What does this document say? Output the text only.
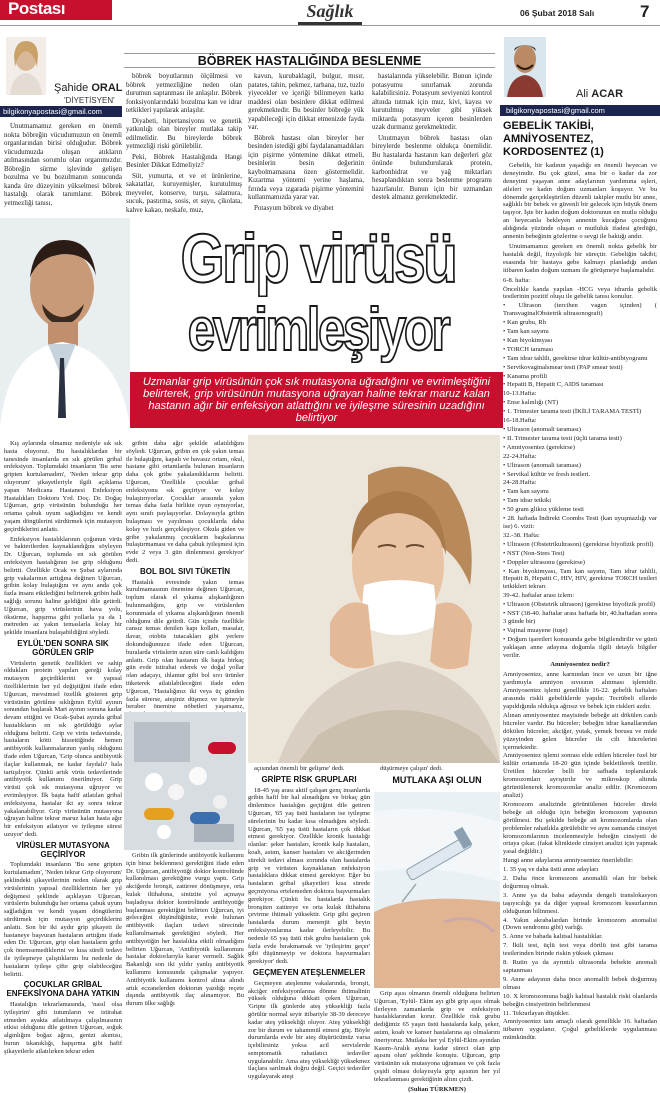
Postası	Sağlık	06 Şubat 2018 Salı	7
Şahide ORAL
'DİYETİSYEN'
bilgikonyapostasi@gmail.com
BÖBREK HASTALIĞINDA BESLENME

Unutmamamız gereken en önemli nokta böbreğin vücudumuzun en önemli organlarından birisi olduğudur. Böbrek vücudumuzda oluşan atıkların atılmasından sorumlu olan organımızdır. Böbreğin sürme işlevinde gelişen bozulma ve bu bozulmanın sonucunda kanda üre düzeyinin yükselmesi böbrek hastalığı olarak tanımlanır. Böbrek yetmezliği tanısı,

böbrek boyutlarının ölçülmesi ve böbrek yetmezliğine neden olan durumun saptanması ile anlaşılır. Böbrek fonksiyonlarındaki bozulma kan ve idrar tetkikleri yapılarak anlaşılır.

Diyabeti, hipertansiyonu ve genetik yatkınlığı olan bireyler mutlaka takip edilmelidir. Bu bireylerde böbrek yetmezliği riski görülebilir.

Peki, Böbrek Hastalığında Hangi Besinler Dikkat Edmeliyiz?

Süt, yumurta, et ve et ürünlerine, sakatatlar, kuruyemişler, kurutulmuş meyveler, konserve, turşu, salamura, sucuk, pastırma, sosis, et suyu, çikolata, kahve kakao, neskafe, muz,

kavun, kurubaklagil, bulgur, mısır, patates, tahin, pekmez, tarhana, tuz, tuzlu yiyecekler ve içeriği bilinmeyen katkı maddesi olan besinlere dikkat edilmesi gerekmektedir. Bu besinler böbreğe yük yapabileceği için dikkat etmenizde fayda var.

Böbrek hastası olan bireyler her besinden istediği gibi faydalanamadıkları için pişirme yöntemine dikkat etmeli, besinlerin besin değerinin kaybolmamasına özen göstermelidir. Kızartma yöntemi yerine haşlama, fırında veya ızgarada pişirme yöntemini kullanmamızda yarar var.

Potasyum böbrek ve diyabet

hastalarında yükselebilir. Bunun içinde potasyumu sınırlamak zorunda kalabilirsiniz. Potasyum seviyenizi kontrol altında tutmak için muz, kivi, kayısı ve kurutulmuş meyveler gibi yüksek miktarda potasyum içeren besinlerden uzak durmanız gerekmektedir.

Unutmayın böbrek hastası olan bireylerde beslenme oldukça önemlidir. Bu hastalarda hastanın kan değerleri göz önünde bulundurularak protein, karbonhidrat ve yağ miktarları hesaplandıktan sonra beslenme programı hazırlanılır. Bunun için bir uzmandan destek almanız gerekmektedir.

Ali ACAR
bilgikonyapostasi@gmail.com
GEBELİK TAKİBİ, AMNİYOSENTEZ, KORDOSENTEZ (1)

Gebelik, bir kadının yaşadığı en önemli heyecan ve deneyimdir. Bu çok güzel, ama bir o kadar da zor deneyimi yaşayan anne adaylarının yardımına eşleri, aileleri ve kadın doğum uzmanları koşuyor. Ve bu dönemde gerçekleştirilen düzenli takipler mutlu bir anne, sağlıklı bir bebek ve güvenli bir gelecek için büyük önem taşıyor. İşte bir kadın doğum doktorunun en mutlu olduğu an heyecanla bekleyen annenin kucağına çocuğunu aldığında yüzünde oluşan o mutluluk ifadesi gördüğü, annenin bebeğinin gözlerine o sevgi ile baktığı andır.

Unutmamamız gereken en önemli nokta gebelik bir hastalık değil, fizyolojik bir süreçtir. Gebeliğin takibi; esasında bir hastaya gebe kalmayı planladığı andan itibaren kadın doğum uzmanı ile görüşmeye başlamalıdır.

6-8. hafta:
Öncelikle kanda yapılan -HCG veya idrarda gebelik testlerinin pozitif oluşu ile gebelik tanısı konulur.
• Ultrason (tercihen vagen içinden) ( TransvaginalObstetrik ultrasonografi)
• Kan grubu, Rh
• Tam kan sayımı
• Kan biyokimyası
• TORCH taraması
• Tam idrar tahlili, gerekirse idrar kültür-antibiyogramı
• Servikovaginalsmear testi (PAP smear testi)
• Kanama profili
• Hepatit B, Hepatit C, AIDS taraması
10-13.Hafta:
• Ense kalınlığı (NT)
• 1. Trimester tarama testi (İKİLİ TARAMA TESTİ)
16-18.Hafta:
• Ultrason (anomali taraması)
• II. Trimester tarama testi (üçlü tarama testi)
• Amniyosentez (gerekirse)
22-24.Hafta:
• Ultrason (anomali taraması)
• Servikal kültür ve fresh testleri.
24-28.Hafta:
• Tam kan sayımı
• Tam idrar tetkiki
• 50 gram glikoz yükleme testi
• 28. haftada İndirekt Coombs Testi (kan uyuşmazlığı var ise) 6. vizit:
32.-38. Hafta:
• Ultrason (Obstetrikultrason) (gerekirse biyofizik profil)
• NST (Non-Stres Test)
• Doppler ultrasonu (gerekirse)
• Kan biyokimyası, Tam kan sayımı, Tam idrar tahlili, Hepatit B, Hepatit C, HIV, HIV, gerekirse TORCH testleri tetkikleri tekrarı
39-42. haftalar arası izlem:
• Ultrason (Obstetrik ultrason) (gerekirse biyofizik profil)
• NST (38-40. haftalar arası haftada bir, 40.haftadan sonra 3 günde bir)
• Vajinal muayene (tuşe)
• Doğum işaretleri konusunda gebe bilgilendirilir ve günü yaklaşan anne adayına doğumla ilgili detaylı bilgiler verilir.
Amniyosentez nedir?
Amniyosentez, anne karnından ince ve uzun bir iğne yardımıyla amniyon sıvısının alınması işlemidir. Amniyosentez işlemi genellikle 16-22. gebelik haftaları arasında riskli gebeliklerde yapılır. Tecrübeli ellerde yapıldığında oldukça ağrısız ve bebek için riskleri azdır.
Alınan amniyosentez mayisinde bebeğe ait dökülen canlı hücreler vardır. Bu hücreler; bebeğin idrar kanallarından dökülen hücreler, akciğer, yutak, yemek borusu ve mide yüzeyinden gelen hücreler ile cilt hücrelerini içermektedir.
Amniyosentez işlemi sonrası elde edilen hücreler özel bir kültür ortamında 18-20 gün içinde bekletilerek üretilir. Üretilen hücreler belli bir safhada toplanılarak kromozomları ayrıştırılır ve mikroskop altında görüntülenerek kromozomlar analiz edilir. (Kromozom analizi)
Kromozom analizinde görüntülenen hücreler direkt bebeğe ait olduğu için bebeğin kromozom yapısının görülmesi. Bu şekilde bebeğe ait kromozomlarda olan problemler rahatlıkla görülebilir ve aynı zamanda cinsiyet kromozomlarının incelenmesiyle bebeğin cinsiyeti de ortaya çıkar. (fakat kliniktede cinsiyet analizi için yapmak yasal değildir.)
Hangi anne adaylarına amniyosentez önerilebilir:
1. 35 yaş ve daha üstü anne adayları
2. Daha önce kromozom anomalili olan bir bebek doğurmuş olmak.
3. Anne ya da baba adayında dengeli translokasyon taşıyıcılığı ya da diğer yapısal kromozom kusurlarının olduğunun bilinmesi.
4. Yakın akrabalardan birinde kromozom anomalisi (Down sendromu gibi) varlığı.
5. Anne ve babada kalıtsal hastalıklar.
7. İkili test, üçlü test veya dörtlü test gibi tarama testlerinden birinde riskin yüksek çıkması
8. Rutin ya da ayrıntılı ultrasonda bebekte anomali saptanması
9. Anne adayının daha önce anomalili bebek doğurmuş olması
10. X kromozomuna bağlı kalıtsal hastalık riski olanlarda bebeğin cinsiyetinin belirlenmesi
11. Tekrarlayan düşükler.
Amniyosentez tanı amaçlı olarak genellikle 16. haftadan itibaren uygulanır. Çoğul gebeliklerde uygulanması mümkündür.
Grip virüsü
evrimleşiyor
Uzmanlar grip virüsünün çok sık mutasyona uğradığını ve evrimleştiğini belirterek, grip virüsünün mutasyona uğrayan haline tekrar maruz kalan hastanın ağır bir enfeksiyon atlattığını ve iyileşme süresinin uzadığını belirtiyor

Kış aylarında olmamız nedeniyle sık sık hasta oluyoruz. Bu hastalıklardan bir tanesinde insanlarda en sık görülen gribal enfeksiyon. Toplumdaki insanların 'Bu sene gripten kurtulamadım', 'Neden tekrar grip oluyorum' şikayetleriyle ilgili açıklama yapan Medicana Hastanesi Enfeksiyon Hastalıkları Doktoru Yrd. Doç. Dr. Doğaç Uğurcan, grip virüsünün bulunduğu her ortama çabuk uyum sağladığını ve kendi yaşam döngülerini sürdürmek için mutasyon geçirdiklerini anlattı.

Enfeksiyon hastalıklarının çoğunun virüs ve bakterilerden kaynaklandığını söyleyen Dr. Uğurcan, toplumda en sık görülen enfeksiyon hastalığının ise grip olduğunu belirtti. Özellikle Ocak ve Şubat aylarında grip vakalarının arttığına değinen Uğurcan, gribin kolay bulaştığını ve aynı anda çok fazla insanı etkilediğini belirterek gribin halk sağlığı sorunu haline geldiğini dile getirdi. Uğurcan, grip virüslerinin hava yolu, öksürme, hapşırma gibi yollarla ya da 1 metreden az yakın temaslarla kolay bir şekilde insanlara bulaşabildiğini söyledi.

EYLÜL'DEN SONRA SIK GÖRÜLEN GRİP

Virüslerin genetik özellikleri ve sahip oldukları protein yapıları gereği kolay mutasyon geçirdiklerini ve yapısal özelliklerinin her yıl değiştiğini ifade eden Uğurcan, mevsimsel özellik gösteren grip virüsünün görülme sıklığının Eylül ayının sonundan başlarak Mart ayının sonuna kadar devam ettiğini ve Ocak-Şubat ayında gribal hastalıkların en sık görüldüğü aylar olduğunu belirtti. Grip ve virüs tedavisinde, hastaların kötü hissettiğinde hemen antibiyotik kullanmalarının yanlış olduğunu ifade eden Uğurcan, 'Grip olunca antibiyotik ilaçlar kullanmak, ne kadar faydalı? hala tartışılıyor. Çünkü artık virüs tedavilerinde antibiyotik kullanımı önerilmiyor. Grip virüsü çok sık mutasyona uğruyor ve evrimleşiyor. İlk başta hafif atlatılan gribal enfeksiyona, hastalar iki ay sonra tekrar yakalanabiliyor. Grip virüsünün mutasyona uğrayan haline tekrar maruz kalan hasta ağır bir enfeksiyon atlatıyor ve iyileşme süresi uzuyor' dedi.

VİRÜSLER MUTASYONA GEÇİRİYOR

Toplumdaki insanların 'Bu sene gripten kurtulamadım', 'Neden tekrar Grip oluyorum' şeklindeki şikayetlerinin neden olarak grip virüslerinin yapısal özelliklerinin her yıl değişmesi şeklinde açıklayan Uğurcan, virüslerin bulunduğu her ortama çabuk uyum sağladığını ve kendi yaşam döngülerini sürdürmek için mutasyon geçirdiklerini anlattı. Son bir iki aydır grip şikayeti ile hastaneye başvuran hastaların arttığını ifade eden Dr. Uğurcan, grip olan hastaların gribi çok önemsemediklerini ve kısa süreli tedavi ile iyileşmeye çalıştıklarını bu nedenle de hastaların iyileşe çifte grip olabileceğini belirtti.

ÇOCUKLAR GRİBAL ENFEKSİYONA DAHA YATKIN

Hastalığın tekrarlamasında, 'nasıl olsa iyileşirim' gibi tutumların ve istirahat etmeden ayakta atlatılmaya çalışılmasının etkisi olduğunu dile getiren Uğurcan, soğuk algınlığını boğaz ağrısı, genizi akıntısı, burun tıkanıklığı, hapşırma gibi hafif şikayetlerle atlatılırken tekrar eden

gribin daha ağır şekilde atlatıldığını söyledi. Uğurcan, gribin en çok yakın temas ile bulaştığını, kapalı ve havasız ortam, okul, hastane gibi ortamlarda bulunan insanların daha çok gribe yakalandıklarını belirtti. Uğurcan, 'Özellikle çocuklar gribal enfeksiyonu sık geçiriyor ve kolay bulaştırıyorlar. Çocuklar arasında yakın temas daha fazla birlikte oyun oynuyorlar, aynı sınıfı paylaşıyorlar. Dolayısıyla gribin bulaşması ve yayılması çocuklarda daha kolay ve hızlı gerçekleşiyor. Okula giden ve gribe yakalanmış çocukların başkalarına bulaştırmaması ve daha çabuk iyileşmesi için evde 2 veya 3 gün dinlenmesi gerekiyor' dedi.

BOL BOL SIVI TÜKETİN

Hastalık evresinde yakın temas kurulmamasının önemine değinen Uğurcan, toplum olarak el yıkama alışkanlığının bulunmadığını, grip ve virüslerden korunmada el yıkama alışkanlığının önemli olduğunu dile getirdi. Gün içinde özellikle cansız temas denilen kapı kolları, masalar, davar, otobüs tutacakları gibi yerlere dokunduğumuzu ifade eden Uğurcan, buralarda virüslerin uzun süre canlı kaldığını anlattı. Grip olan hastanın ilk başta birkaç gün evde istirahat ederek ve doğal yollar olan adaçayı, ıhlamur gibi bol sıvı ürünler tüketerek atlatılabileceğini ifade eden Uğurcan, 'Hastalığınız iki veya üç günden fazla sürerse, ateşiniz düşmez ve işitmeyle beraber önemine nöbetleri yaşarsanız,

Gribin ilk günlerinde antibiyotik kullanımı için biraz beklenmesi gerektiğini ifade eden Dr. Uğurcan, antibiyotiği doktor kontrolünde kullanılması gerektiğine vurgu yaptı. Grip akciğerde bronşit, zatürree dönüşmeye, orta kulak iltihabına, sinüzite yol açmaya başladıysa doktor kontrolünde antibiyotiğe başlanması gerektiğini belirten Uğurcan, iyi geleceğini düşündüğünüz, evde bulunan antibiyotik ilaçları tedavi sürecinde kullanılmamak gerektiğini söyledi. Her antibiyotiğin her hastalıkta etkili olmadığını belirten Uğurcan, 'Antibiyotik kullanımını hastalar doktorlarıyla karar vermeli. Sağlık Bakanlığı son iki yıldır yanlış antibiyotik kullanımı konusunda çalışmalar yapıyor. Antibiyotik kullanımı kontrol altına alındı artık eczanelerden doktorun yazdığı reçete dışında antibiyotik ilaç alınamıyor. Bu durum ülke sağlığı

açısından önemli bir gelişme' dedi.

GRİPTE RİSK GRUPLARI

18-45 yaş arası aktif çalışan genç insanlarda gribin hafif bir hal alınadığını ve birkaç gün dinlenince hastalığın geçtiğini dile getiren Uğurcan, '65 yaş üstü hastaların ise iyileşme sürelerinin bu kadar kısa olmadığını söyledi. Uğurcan, '65 yaş üstü hastaların çok dikkat etmesi gerekiyor. Özellikle kronik hastalığı olanlar: şeker hastaları, kronik kalp hastaları, koah, astım, kanser hastaları ve akciğerinden sürekli tedavi alması zorunda olan hastalarda grip ve virüsten kaynaklanan enfeksiyon hastalıklara dikkat etmesi gerekiyor. Eğer bu hastaların gribal şikayetleri kısa sürede geçmiyorsa ertelemeden doktora başvurmaları gerekiyor. Çünkü bu hastalarda hastalık bronşiten zatüreye ve orta kulak iltihabına çevirme ihtimali yüksektir. Grip gibi geçiren hastalarda durum menenjit gibi beyin enfeksiyonlarına kadar ilerleyebilir. Bu nedenle 65 yaş üstü risk grubu hastaların çok fazla evde bırakmamak ve 'iyileşirim geçer' gibi düşünmeyip ve doktora başvurmaları gerekiyor' dedi.

GEÇMEYEN ATEŞLENMELER

Geçmeyen ateşlenme vakalarında, bronşit, akciğer enfeksiyonlarına dönme ihtimalinin yüksek olduğuna dikkati çeken Uğurcan, 'Gripte ilk günlerde ateş yüksekliği fazla görülür normal seyir itibariyle 38-39 dereceye kadar ateş yüksekliği oluyor. Ateş yüksekliği zor bir durum ve tahammül etmesi güç. Böyle durumlarda evde bir ateş düşürücümüz varsa içebilirsiniz yoksa acil servislerde semptomatik rahatlatıcı tedaviler uygulanabilir. Ama ateş yüksekliği yüksekmez ilaçlara sarılmak doğru değil. Geçici tedaviler uygulayarak ateşi

düşürmeye çalışın' dedi.

MUTLAKA AŞI OLUN

Grip aşısı olmanın önemli olduğunu belirten Uğurcan, 'Eylül- Ekim ayı gibi grip aşısı olmak ilerleyen zamanlarda grip ve enfeksiyon hastalıklarından korur. Özellikle risk grubu dediğimiz 65 yaşın üstü hastalarda kalp, şeker, astım, koah ve kanser hastalarına aşı olmalarını öneriyoruz. Mutlaka her yıl Eylül-Ekim ayından Kasım-Aralık ayına kadar süreci olan grip aşısını olun' şeklinde konuştu. Uğurcan, grip virüsünün sık mutasyona uğraması ve çok fazla çeşidi olması dolayısıyla grip aşısının her yıl tekrarlanması gerektiğinin altını çizdi.

(Sultan TÜRKMEN)
